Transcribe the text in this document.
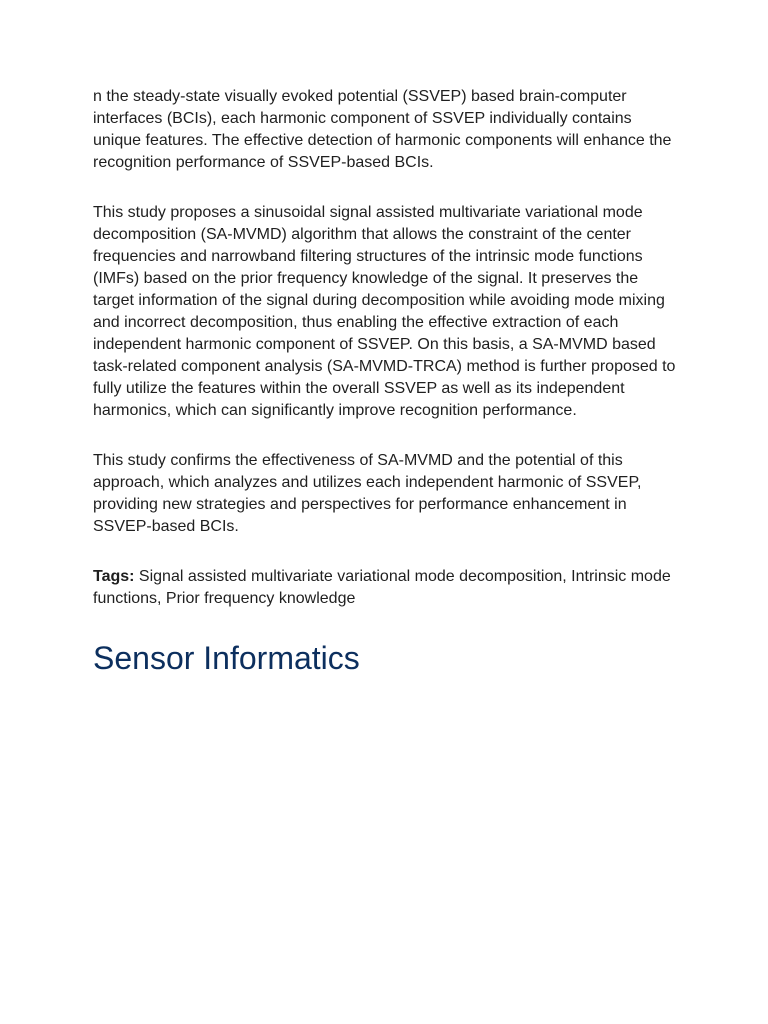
n the steady-state visually evoked potential (SSVEP) based brain-computer interfaces (BCIs), each harmonic component of SSVEP individually contains unique features. The effective detection of harmonic components will enhance the recognition performance of SSVEP-based BCIs.

This study proposes a sinusoidal signal assisted multivariate variational mode decomposition (SA-MVMD) algorithm that allows the constraint of the center frequencies and narrowband filtering structures of the intrinsic mode functions (IMFs) based on the prior frequency knowledge of the signal. It preserves the target information of the signal during decomposition while avoiding mode mixing and incorrect decomposition, thus enabling the effective extraction of each independent harmonic component of SSVEP. On this basis, a SA-MVMD based task-related component analysis (SA-MVMD-TRCA) method is further proposed to fully utilize the features within the overall SSVEP as well as its independent harmonics, which can significantly improve recognition performance.

This study confirms the effectiveness of SA-MVMD and the potential of this approach, which analyzes and utilizes each independent harmonic of SSVEP, providing new strategies and perspectives for performance enhancement in SSVEP-based BCIs.

Tags: Signal assisted multivariate variational mode decomposition, Intrinsic mode functions, Prior frequency knowledge

Sensor Informatics
